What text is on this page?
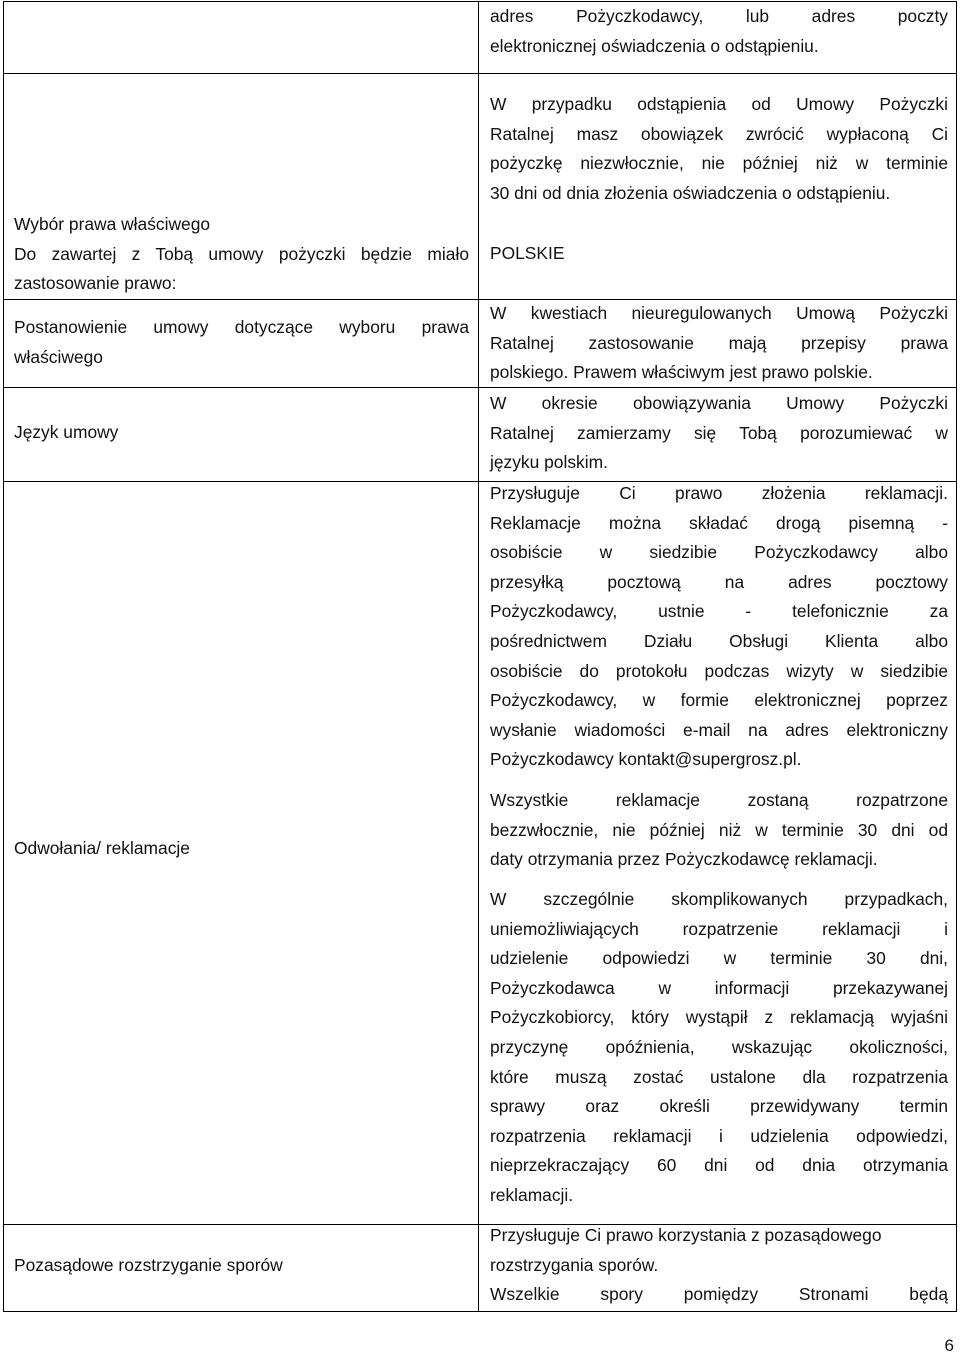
Wybór prawa właściwego
Do zawartej z Tobą umowy pożyczki będzie miało
zastosowanie prawo:
Postanowienie umowy dotyczące wyboru prawa
właściwego
Język umowy
Odwołania/ reklamacje
Pozasądowe rozstrzyganie sporów
adres Pożyczkodawcy, lub adres poczty
elektronicznej oświadczenia o odstąpieniu.
W przypadku odstąpienia od Umowy Pożyczki
Ratalnej masz obowiązek zwrócić wypłaconą Ci
pożyczkę niezwłocznie, nie później niż w terminie
30 dni od dnia złożenia oświadczenia o odstąpieniu.
POLSKIE
W kwestiach nieuregulowanych Umową Pożyczki
Ratalnej zastosowanie mają przepisy prawa
polskiego. Prawem właściwym jest prawo polskie.
W okresie obowiązywania Umowy Pożyczki
Ratalnej zamierzamy się Tobą porozumiewać w
języku polskim.
Przysługuje Ci prawo złożenia reklamacji.
Reklamacje można składać drogą pisemną -
osobiście w siedzibie Pożyczkodawcy albo
przesyłką pocztową na adres pocztowy
Pożyczkodawcy, ustnie - telefonicznie za
pośrednictwem Działu Obsługi Klienta albo
osobiście do protokołu podczas wizyty w siedzibie
Pożyczkodawcy, w formie elektronicznej poprzez
wysłanie wiadomości e-mail na adres elektroniczny
Pożyczkodawcy kontakt@supergrosz.pl.
Wszystkie reklamacje zostaną rozpatrzone
bezzwłocznie, nie później niż w terminie 30 dni od
daty otrzymania przez Pożyczkodawcę reklamacji.
W szczególnie skomplikowanych przypadkach,
uniemożliwiających rozpatrzenie reklamacji i
udzielenie odpowiedzi w terminie 30 dni,
Pożyczkodawca w informacji przekazywanej
Pożyczkobiorcy, który wystąpił z reklamacją wyjaśni
przyczynę opóźnienia, wskazując okoliczności,
które muszą zostać ustalone dla rozpatrzenia
sprawy oraz określi przewidywany termin
rozpatrzenia reklamacji i udzielenia odpowiedzi,
nieprzekraczający 60 dni od dnia otrzymania
reklamacji.
Przysługuje Ci prawo korzystania z pozasądowego
rozstrzygania sporów.
Wszelkie spory pomiędzy Stronami będą
6
